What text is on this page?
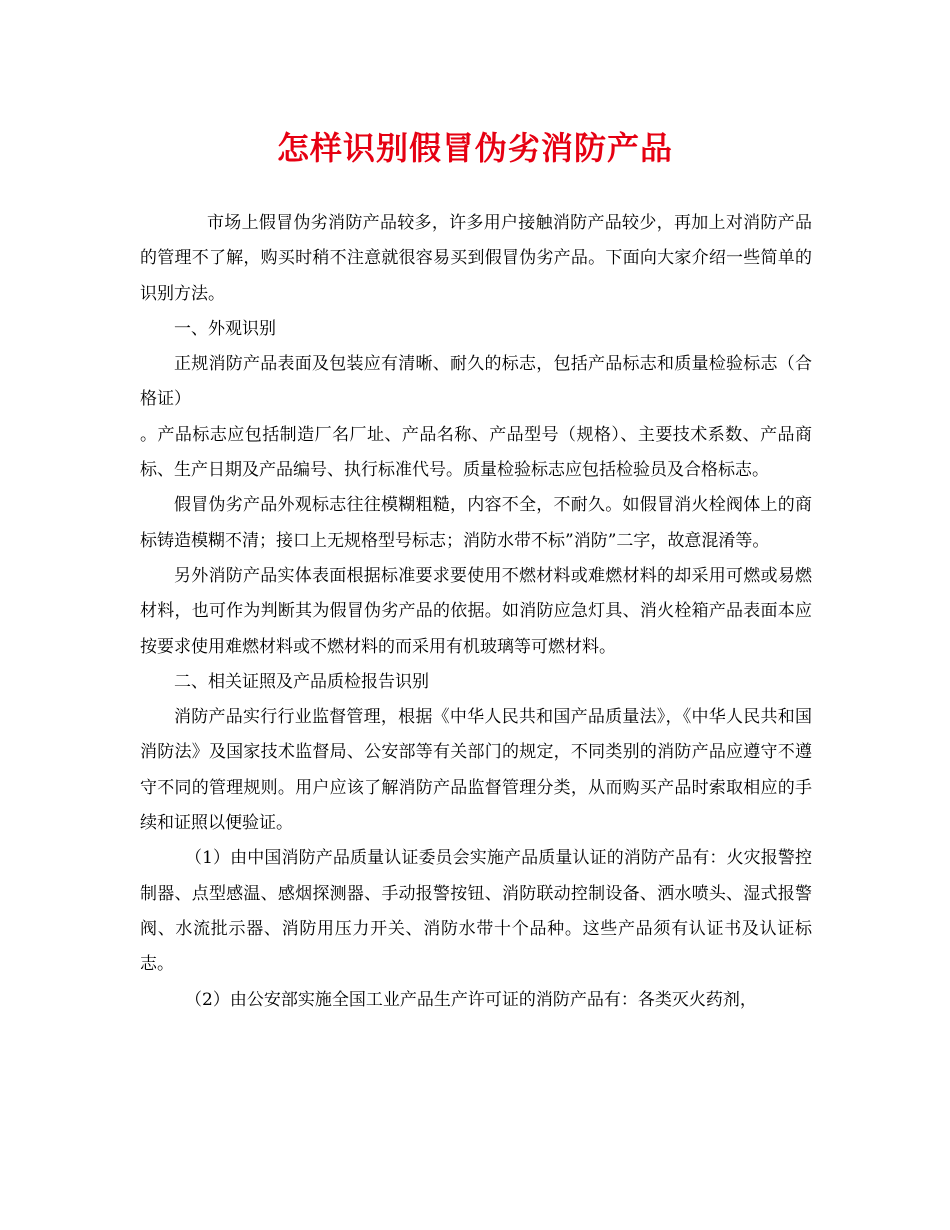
怎样识别假冒伪劣消防产品

市场上假冒伪劣消防产品较多，许多用户接触消防产品较少，再加上对消防产品的管理不了解，购买时稍不注意就很容易买到假冒伪劣产品。下面向大家介绍一些简单的识别方法。

一、外观识别

正规消防产品表面及包装应有清晰、耐久的标志，包括产品标志和质量检验标志（合格证）

。产品标志应包括制造厂名厂址、产品名称、产品型号（规格）、主要技术系数、产品商标、生产日期及产品编号、执行标准代号。质量检验标志应包括检验员及合格标志。

假冒伪劣产品外观标志往往模糊粗糙，内容不全，不耐久。如假冒消火栓阀体上的商标铸造模糊不清；接口上无规格型号标志；消防水带不标”消防”二字，故意混淆等。

另外消防产品实体表面根据标准要求要使用不燃材料或难燃材料的却采用可燃或易燃材料，也可作为判断其为假冒伪劣产品的依据。如消防应急灯具、消火栓箱产品表面本应按要求使用难燃材料或不燃材料的而采用有机玻璃等可燃材料。

二、相关证照及产品质检报告识别

消防产品实行行业监督管理，根据《中华人民共和国产品质量法》，《中华人民共和国消防法》及国家技术监督局、公安部等有关部门的规定，不同类别的消防产品应遵守不遵守不同的管理规则。用户应该了解消防产品监督管理分类，从而购买产品时索取相应的手续和证照以便验证。

（1）由中国消防产品质量认证委员会实施产品质量认证的消防产品有：火灾报警控制器、点型感温、感烟探测器、手动报警按钮、消防联动控制设备、洒水喷头、湿式报警阀、水流批示器、消防用压力开关、消防水带十个品种。这些产品须有认证书及认证标志。

（2）由公安部实施全国工业产品生产许可证的消防产品有：各类灭火药剂，
